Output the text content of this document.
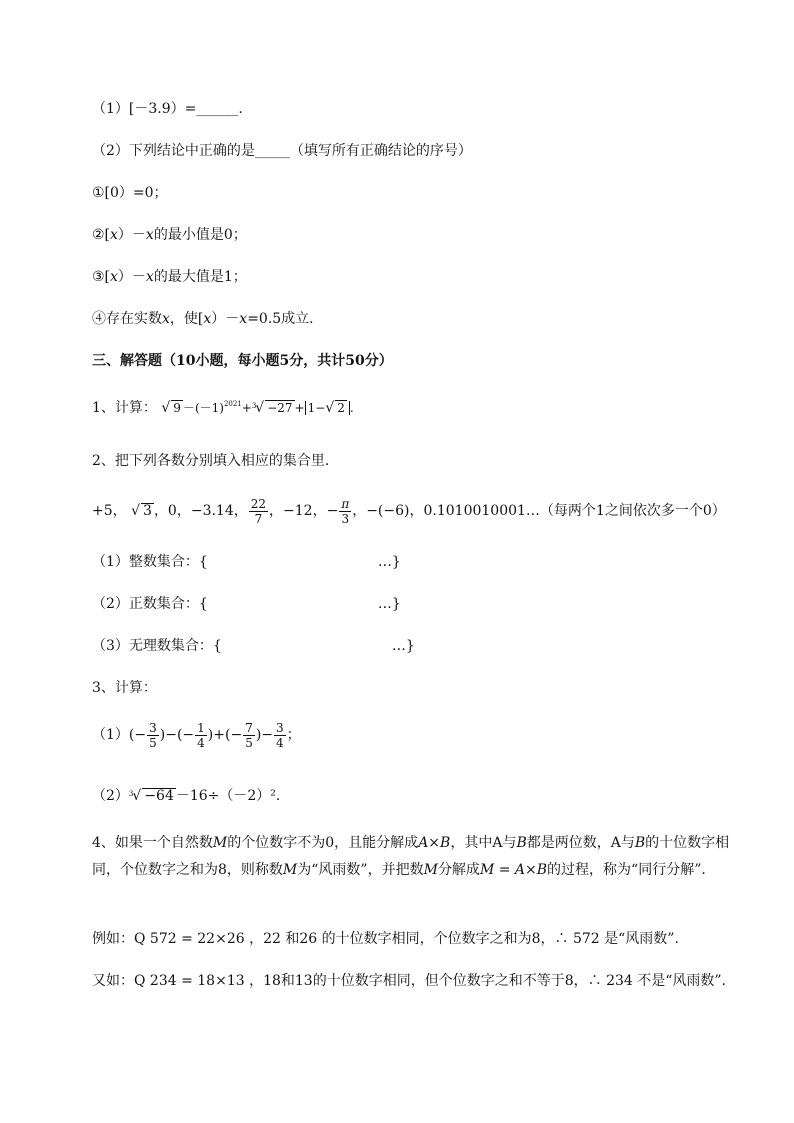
（1）[－3.9）=______.
（2）下列结论中正确的是_____（填写所有正确结论的序号）
①[0）=0；
②[x）－x的最小值是0；
③[x）－x的最大值是1；
④存在实数x，使[x）－x=0.5成立．
三、解答题（10小题，每小题5分，共计50分）
1、计算： √ $9 -(-1)^{2021}+^3√ -27 + 1-√$ 2 .
2、把下列各数分别填入相应的集合里．
+5， √ 3 ，0，−3.14， $\frac{22}{7}$ ，−12，− $\frac{\pi}{3}$ ，−(−6)，0.1010010001…（每两个1之间依次多一个0）
（1）整数集合：{	…}
（2）正数集合：{	…}
（3）无理数集合：{	…}
3、计算：
$(1)(- \frac{3}{5}$ )−(− $\frac{1}{4}$ )+(− $\frac{7}{5}$ )− $\frac{3}{4}$ ；
$(2)^3√ -64 -16\div(-2)^2$．
4、如果一个自然数M的个位数字不为0，且能分解成A×B，其中A与B都是两位数，A与B的十位数字相同，个位数字之和为8，则称数M为“风雨数”，并把数M分解成M = A×B的过程，称为“同行分解”.
例如：Q 572 = 22×26 ，22 和26 的十位数字相同，个位数字之和为8，∴ 572 是“风雨数”.
又如：Q 234 = 18×13 ，18和13的十位数字相同，但个位数字之和不等于8，∴ 234 不是“风雨数”.
